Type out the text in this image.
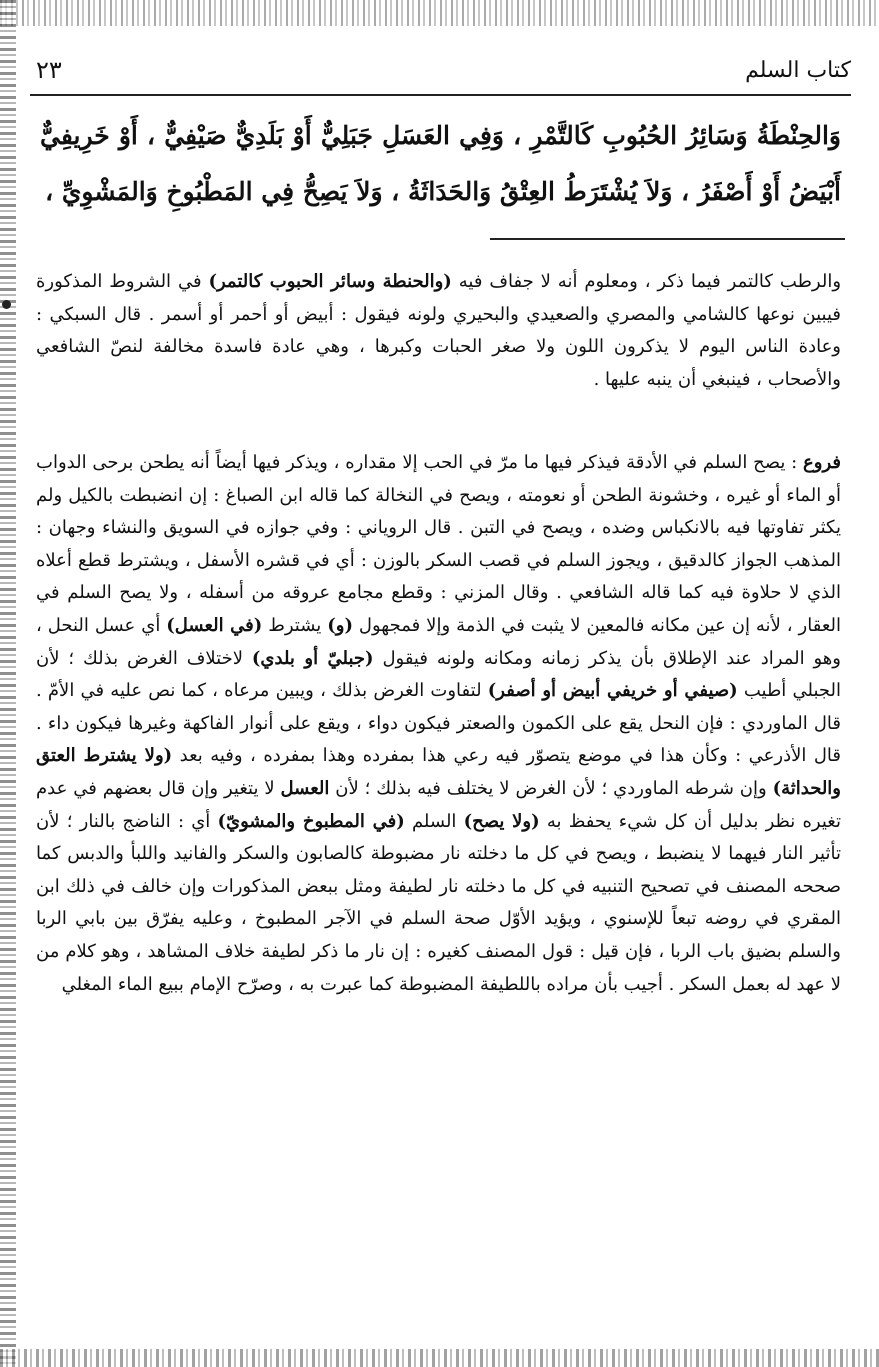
كتاب السلم
٢٣
وَالحِنْطَةُ وَسَائِرُ الحُبُوبِ كَالتَّمْرِ ، وَفِي العَسَلِ جَبَلِيٌّ أَوْ بَلَدِيٌّ صَيْفِيٌّ ، أَوْ خَرِيفِيٌّ أَبْيَضُ أَوْ أَصْفَرُ ، وَلاَ يُشْتَرَطُ العِتْقُ وَالحَدَاثَةُ ، وَلاَ يَصِحُّ فِي المَطْبُوخِ وَالمَشْوِيِّ ،

والرطب كالتمر فيما ذكر ، ومعلوم أنه لا جفاف فيه (والحنطة وسائر الحبوب كالتمر) في الشروط المذكورة فيبين نوعها كالشامي والمصري والصعيدي والبحيري ولونه فيقول : أبيض أو أحمر أو أسمر . قال السبكي : وعادة الناس اليوم لا يذكرون اللون ولا صغر الحبات وكبرها ، وهي عادة فاسدة مخالفة لنصّ الشافعي والأصحاب ، فينبغي أن ينبه عليها .

فروع : يصح السلم في الأدقة فيذكر فيها ما مرّ في الحب إلا مقداره ، ويذكر فيها أيضاً أنه يطحن برحى الدواب أو الماء أو غيره ، وخشونة الطحن أو نعومته ، ويصح في النخالة كما قاله ابن الصباغ : إن انضبطت بالكيل ولم يكثر تفاوتها فيه بالانكباس وضده ، ويصح في التبن . قال الروياني : وفي جوازه في السويق والنشاء وجهان : المذهب الجواز كالدقيق ، ويجوز السلم في قصب السكر بالوزن : أي في قشره الأسفل ، ويشترط قطع أعلاه الذي لا حلاوة فيه كما قاله الشافعي . وقال المزني : وقطع مجامع عروقه من أسفله ، ولا يصح السلم في العقار ، لأنه إن عين مكانه فالمعين لا يثبت في الذمة وإلا فمجهول (و) يشترط (في العسل) أي عسل النحل ، وهو المراد عند الإطلاق بأن يذكر زمانه ومكانه ولونه فيقول (جبليّ أو بلدي) لاختلاف الغرض بذلك ؛ لأن الجبلي أطيب (صيفي أو خريفي أبيض أو أصفر) لتفاوت الغرض بذلك ، ويبين مرعاه ، كما نص عليه في الأمّ . قال الماوردي : فإن النحل يقع على الكمون والصعتر فيكون دواء ، ويقع على أنوار الفاكهة وغيرها فيكون داء . قال الأذرعي : وكأن هذا في موضع يتصوّر فيه رعي هذا بمفرده وهذا بمفرده ، وفيه بعد (ولا يشترط العتق والحداثة) وإن شرطه الماوردي ؛ لأن الغرض لا يختلف فيه بذلك ؛ لأن العسل لا يتغير وإن قال بعضهم في عدم تغيره نظر بدليل أن كل شيء يحفظ به (ولا يصح) السلم (في المطبوخ والمشويّ) أي : الناضج بالنار ؛ لأن تأثير النار فيهما لا ينضبط ، ويصح في كل ما دخلته نار مضبوطة كالصابون والسكر والفانيد واللبأ والدبس كما صححه المصنف في تصحيح التنبيه في كل ما دخلته نار لطيفة ومثل ببعض المذكورات وإن خالف في ذلك ابن المقري في روضه تبعاً للإسنوي ، ويؤيد الأوّل صحة السلم في الآجر المطبوخ ، وعليه يفرّق بين بابي الربا والسلم بضيق باب الربا ، فإن قيل : قول المصنف كغيره : إن نار ما ذكر لطيفة خلاف المشاهد ، وهو كلام من لا عهد له بعمل السكر . أجيب بأن مراده باللطيفة المضبوطة كما عبرت به ، وصرّح الإمام ببيع الماء المغلي
